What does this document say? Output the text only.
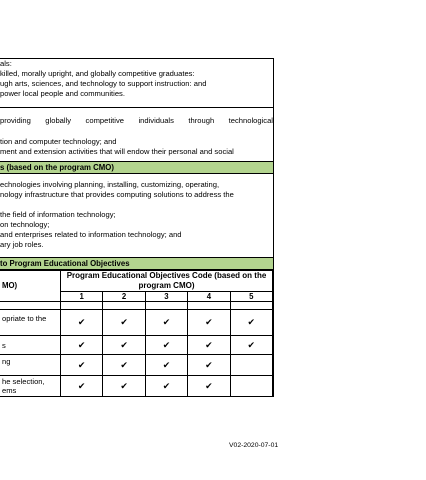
als:
killed, morally upright, and globally competitive graduates:
ugh arts, sciences, and technology to support instruction: and
power local people and communities.
providing globally competitive individuals through technological
tion and computer technology; and
ment and extension activities that will endow their personal and social
s (based on the program CMO)
echnologies involving planning, installing, customizing, operating,
nology infrastructure that provides computing solutions to address the
the field of information technology;
on technology;
and enterprises related to information technology; and
ary job roles.
to Program Educational Objectives
MO)	Program Educational Objectives Code (based on the program CMO)				
	1	2	3	4	5

opriate to the	✔	✔	✔	✔	✔
s	✔	✔	✔	✔	✔
ng	✔	✔	✔	✔	
he selection, ems	✔	✔	✔	✔	
V02-2020-07-01
